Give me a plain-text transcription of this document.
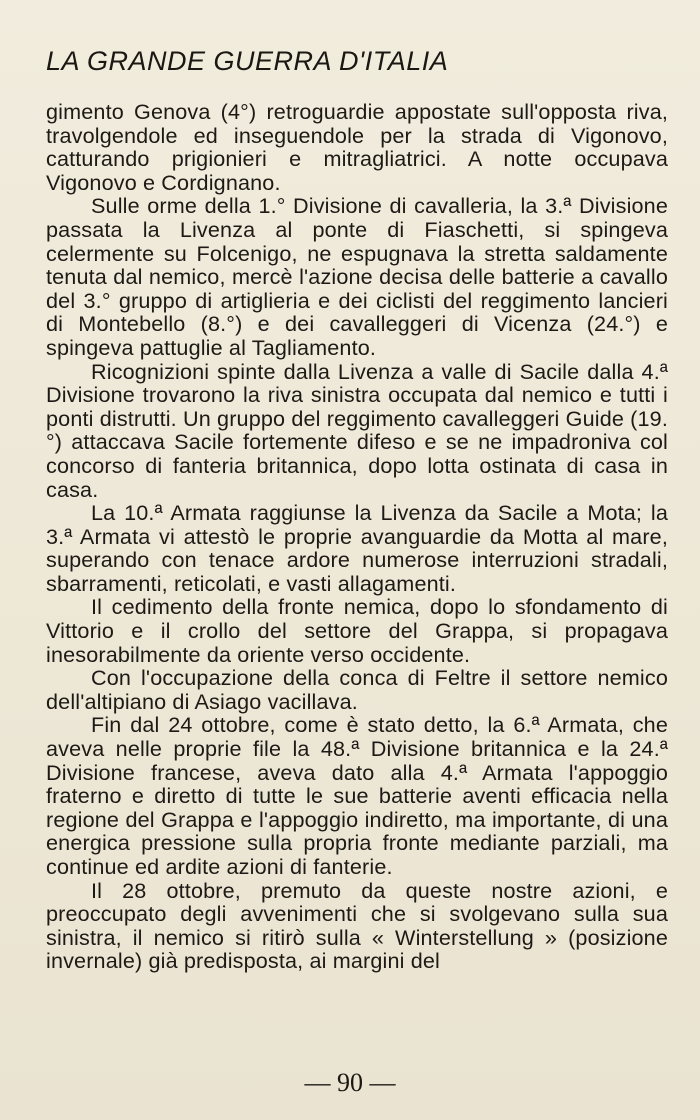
LA GRANDE GUERRA D'ITALIA

gimento Genova (4°) retroguardie appostate sull'opposta riva, travolgendole ed inseguendole per la strada di Vigonovo, catturando prigionieri e mitragliatrici. A notte occupava Vigonovo e Cordignano.

Sulle orme della 1.° Divisione di cavalleria, la 3.ª Divisione passata la Livenza al ponte di Fiaschetti, si spingeva celermente su Folcenigo, ne espugnava la stretta saldamente tenuta dal nemico, mercè l'azione decisa delle batterie a cavallo del 3.° gruppo di artiglieria e dei ciclisti del reggimento lancieri di Montebello (8.°) e dei cavalleggeri di Vicenza (24.°) e spingeva pattuglie al Tagliamento.

Ricognizioni spinte dalla Livenza a valle di Sacile dalla 4.ª Divisione trovarono la riva sinistra occupata dal nemico e tutti i ponti distrutti. Un gruppo del reggimento cavalleggeri Guide (19.°) attaccava Sacile fortemente difeso e se ne impadroniva col concorso di fanteria britannica, dopo lotta ostinata di casa in casa.

La 10.ª Armata raggiunse la Livenza da Sacile a Mota; la 3.ª Armata vi attestò le proprie avanguardie da Motta al mare, superando con tenace ardore numerose interruzioni stradali, sbarramenti, reticolati, e vasti allagamenti.

Il cedimento della fronte nemica, dopo lo sfondamento di Vittorio e il crollo del settore del Grappa, si propagava inesorabilmente da oriente verso occidente.

Con l'occupazione della conca di Feltre il settore nemico dell'altipiano di Asiago vacillava.

Fin dal 24 ottobre, come è stato detto, la 6.ª Armata, che aveva nelle proprie file la 48.ª Divisione britannica e la 24.ª Divisione francese, aveva dato alla 4.ª Armata l'appoggio fraterno e diretto di tutte le sue batterie aventi efficacia nella regione del Grappa e l'appoggio indiretto, ma importante, di una energica pressione sulla propria fronte mediante parziali, ma continue ed ardite azioni di fanterie.

Il 28 ottobre, premuto da queste nostre azioni, e preoccupato degli avvenimenti che si svolgevano sulla sua sinistra, il nemico si ritirò sulla « Winterstellung » (posizione invernale) già predisposta, ai margini del

— 90 —
